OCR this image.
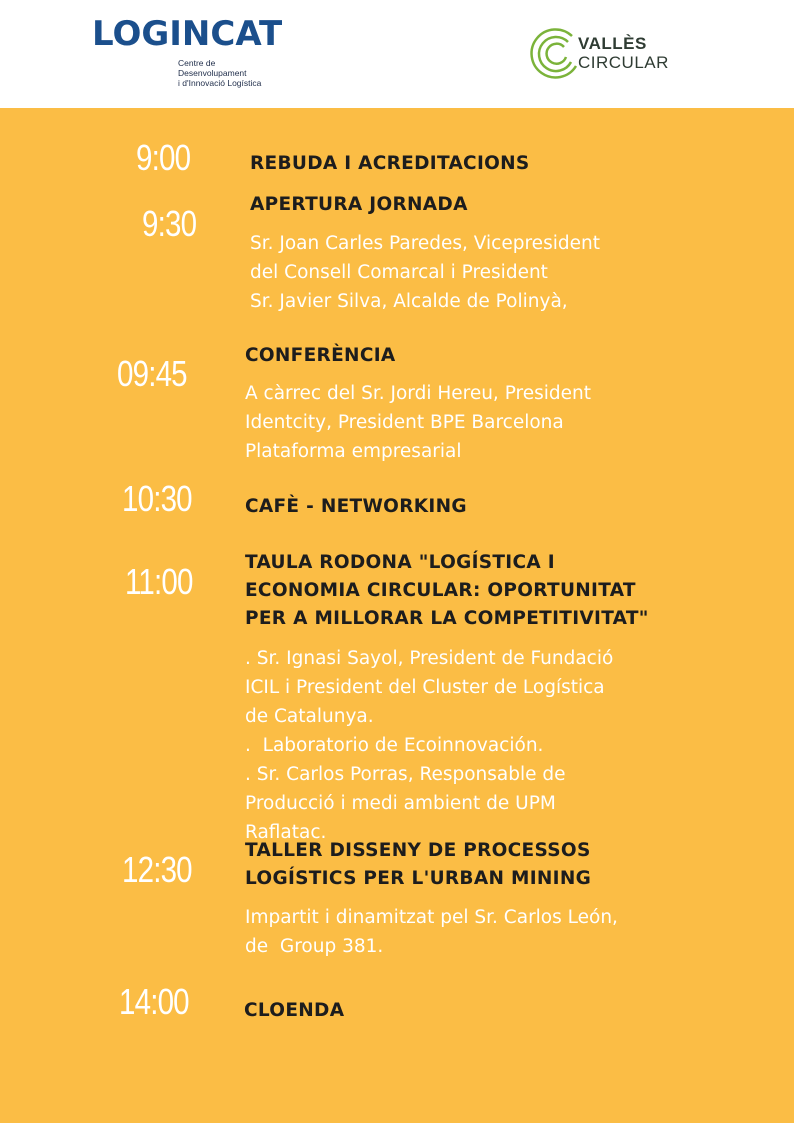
LOGINCAT
Centre de
Desenvolupament
i d'Innovació Logística
VALLÈS
CIRCULAR
9:00	REBUDA I ACREDITACIONS
9:30	APERTURA JORNADA
Sr. Joan Carles Paredes, Vicepresident
del Consell Comarcal i President
Sr. Javier Silva, Alcalde de Polinyà,
09:45	CONFERÈNCIA
A càrrec del Sr. Jordi Hereu, President
Identcity, President BPE Barcelona
Plataforma empresarial
10:30	CAFÈ - NETWORKING
11:00	TAULA RODONA "LOGÍSTICA I
ECONOMIA CIRCULAR: OPORTUNITAT
PER A MILLORAR LA COMPETITIVITAT"
. Sr. Ignasi Sayol, President de Fundació
ICIL i President del Cluster de Logística
de Catalunya.
.  Laboratorio de Ecoinnovación.
. Sr. Carlos Porras, Responsable de
Producció i medi ambient de UPM
Raflatac.
12:30	TALLER DISSENY DE PROCESSOS
LOGÍSTICS PER L'URBAN MINING
Impartit i dinamitzat pel Sr. Carlos León,
de  Group 381.
14:00	CLOENDA
